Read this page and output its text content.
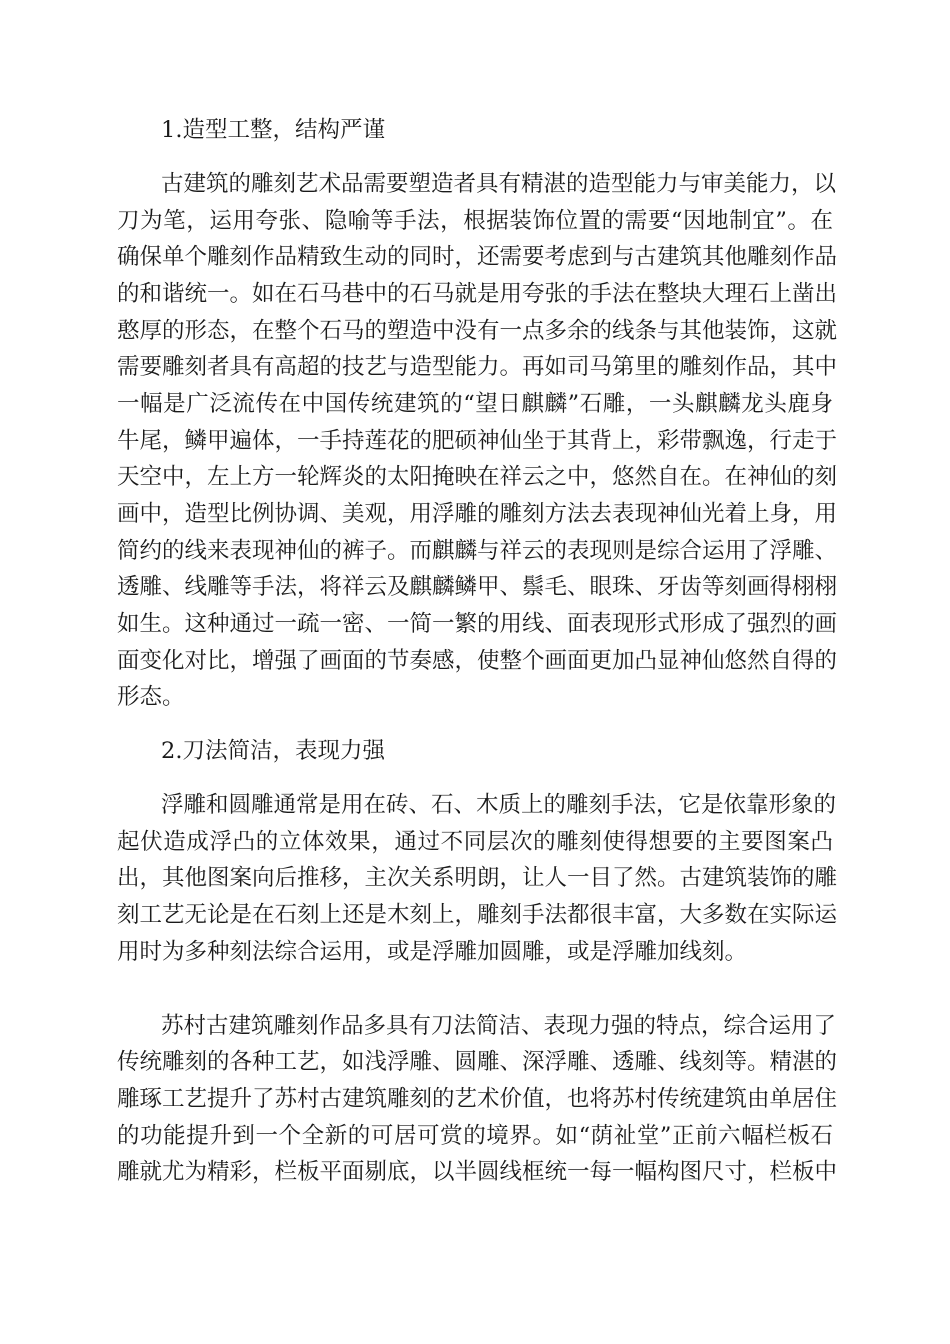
1.造型工整，结构严谨
古建筑的雕刻艺术品需要塑造者具有精湛的造型能力与审美能力，以
刀为笔，运用夸张、隐喻等手法，根据装饰位置的需要“因地制宜”。在
确保单个雕刻作品精致生动的同时，还需要考虑到与古建筑其他雕刻作品
的和谐统一。如在石马巷中的石马就是用夸张的手法在整块大理石上凿出
憨厚的形态，在整个石马的塑造中没有一点多余的线条与其他装饰，这就
需要雕刻者具有高超的技艺与造型能力。再如司马第里的雕刻作品，其中
一幅是广泛流传在中国传统建筑的“望日麒麟”石雕，一头麒麟龙头鹿身
牛尾，鳞甲遍体，一手持莲花的肥硕神仙坐于其背上，彩带飘逸，行走于
天空中，左上方一轮辉炎的太阳掩映在祥云之中，悠然自在。在神仙的刻
画中，造型比例协调、美观，用浮雕的雕刻方法去表现神仙光着上身，用
简约的线来表现神仙的裤子。而麒麟与祥云的表现则是综合运用了浮雕、
透雕、线雕等手法，将祥云及麒麟鳞甲、鬃毛、眼珠、牙齿等刻画得栩栩
如生。这种通过一疏一密、一简一繁的用线、面表现形式形成了强烈的画
面变化对比，增强了画面的节奏感，使整个画面更加凸显神仙悠然自得的
形态。
2.刀法简洁，表现力强
浮雕和圆雕通常是用在砖、石、木质上的雕刻手法，它是依靠形象的
起伏造成浮凸的立体效果，通过不同层次的雕刻使得想要的主要图案凸
出，其他图案向后推移，主次关系明朗，让人一目了然。古建筑装饰的雕
刻工艺无论是在石刻上还是木刻上，雕刻手法都很丰富，大多数在实际运
用时为多种刻法综合运用，或是浮雕加圆雕，或是浮雕加线刻。
苏村古建筑雕刻作品多具有刀法简洁、表现力强的特点，综合运用了
传统雕刻的各种工艺，如浅浮雕、圆雕、深浮雕、透雕、线刻等。精湛的
雕琢工艺提升了苏村古建筑雕刻的艺术价值，也将苏村传统建筑由单居住
的功能提升到一个全新的可居可赏的境界。如“荫祉堂”正前六幅栏板石
雕就尤为精彩，栏板平面剔底，以半圆线框统一每一幅构图尺寸，栏板中
